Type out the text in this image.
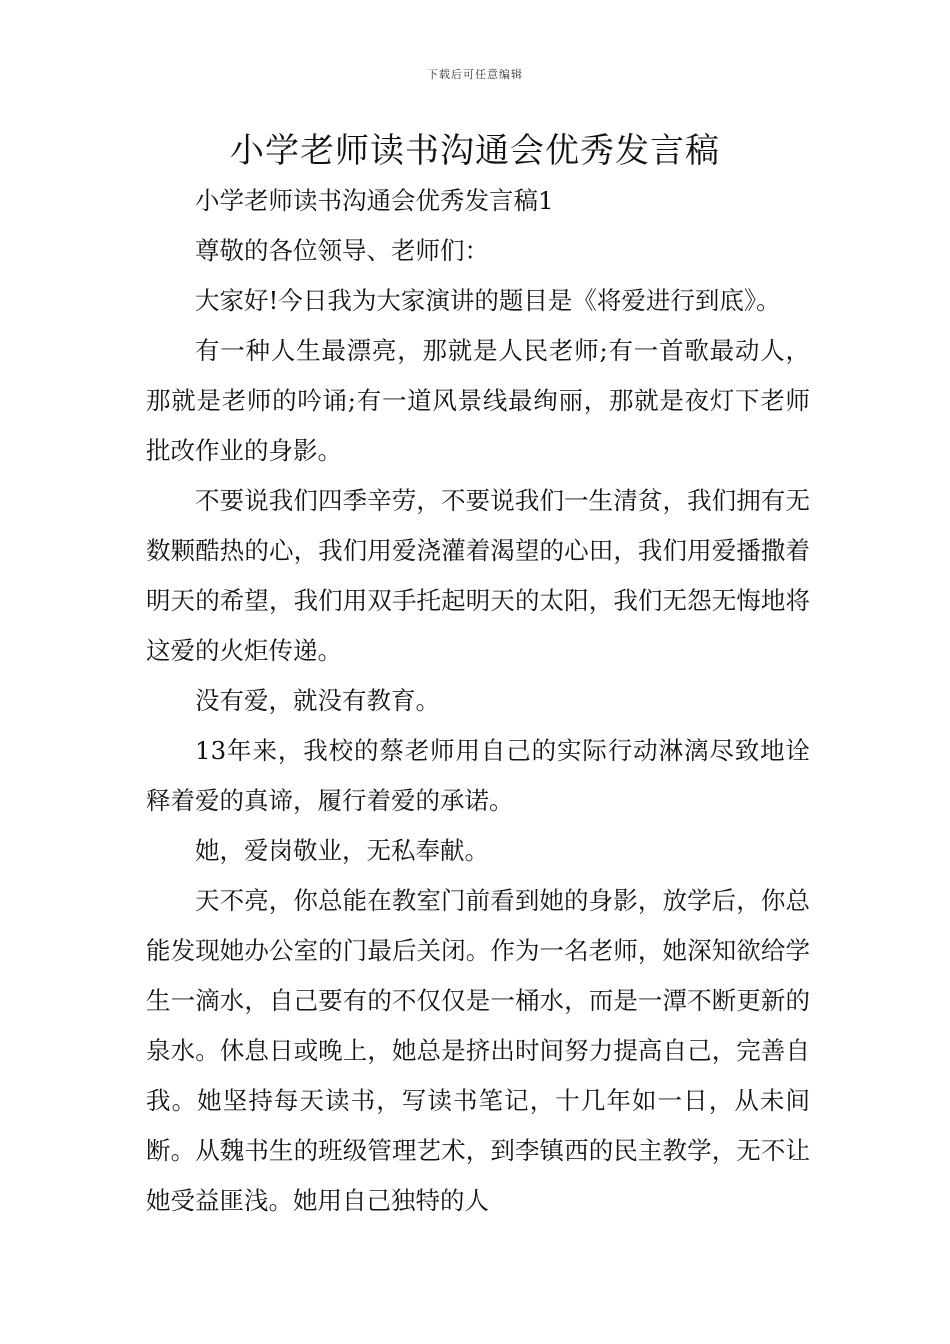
下载后可任意编辑
小学老师读书沟通会优秀发言稿

小学老师读书沟通会优秀发言稿1

尊敬的各位领导、老师们：

大家好!今日我为大家演讲的题目是《将爱进行到底》。

有一种人生最漂亮，那就是人民老师;有一首歌最动人，那就是老师的吟诵;有一道风景线最绚丽，那就是夜灯下老师批改作业的身影。

不要说我们四季辛劳，不要说我们一生清贫，我们拥有无数颗酷热的心，我们用爱浇灌着渴望的心田，我们用爱播撒着明天的希望，我们用双手托起明天的太阳，我们无怨无悔地将这爱的火炬传递。

没有爱，就没有教育。

13年来，我校的蔡老师用自己的实际行动淋漓尽致地诠释着爱的真谛，履行着爱的承诺。

她，爱岗敬业，无私奉献。

天不亮，你总能在教室门前看到她的身影，放学后，你总能发现她办公室的门最后关闭。作为一名老师，她深知欲给学生一滴水，自己要有的不仅仅是一桶水，而是一潭不断更新的泉水。休息日或晚上，她总是挤出时间努力提高自己，完善自我。她坚持每天读书，写读书笔记，十几年如一日，从未间断。从魏书生的班级管理艺术，到李镇西的民主教学，无不让她受益匪浅。她用自己独特的人
